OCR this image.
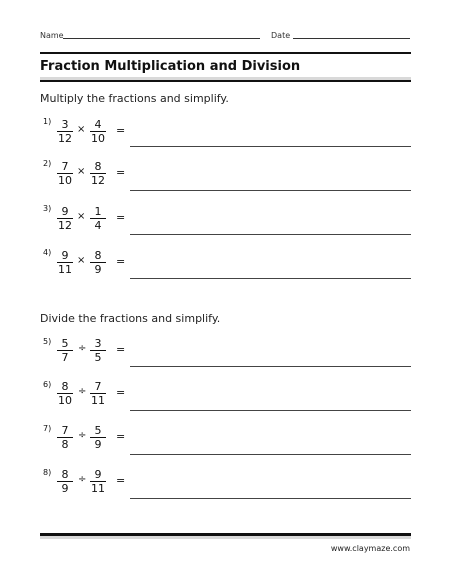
Name	Date
Fraction Multiplication and Division
Multiply the fractions and simplify.
$1) \frac{3}{12} \times \frac{4}{10}$ =
$2) \frac{7}{10} \times \frac{8}{12}$ =
$3) \frac{9}{12} \times \frac{1}{4}$ =
$4) \frac{9}{11} \times \frac{8}{9}$ =
Divide the fractions and simplify.
$5) \frac{5}{7} \div \frac{3}{5}$ =
$6) \frac{8}{10} \div \frac{7}{11}$ =
$7) \frac{7}{8} \div \frac{5}{9}$ =
$8) \frac{8}{9} \div \frac{9}{11}$ =
www.claymaze.com
